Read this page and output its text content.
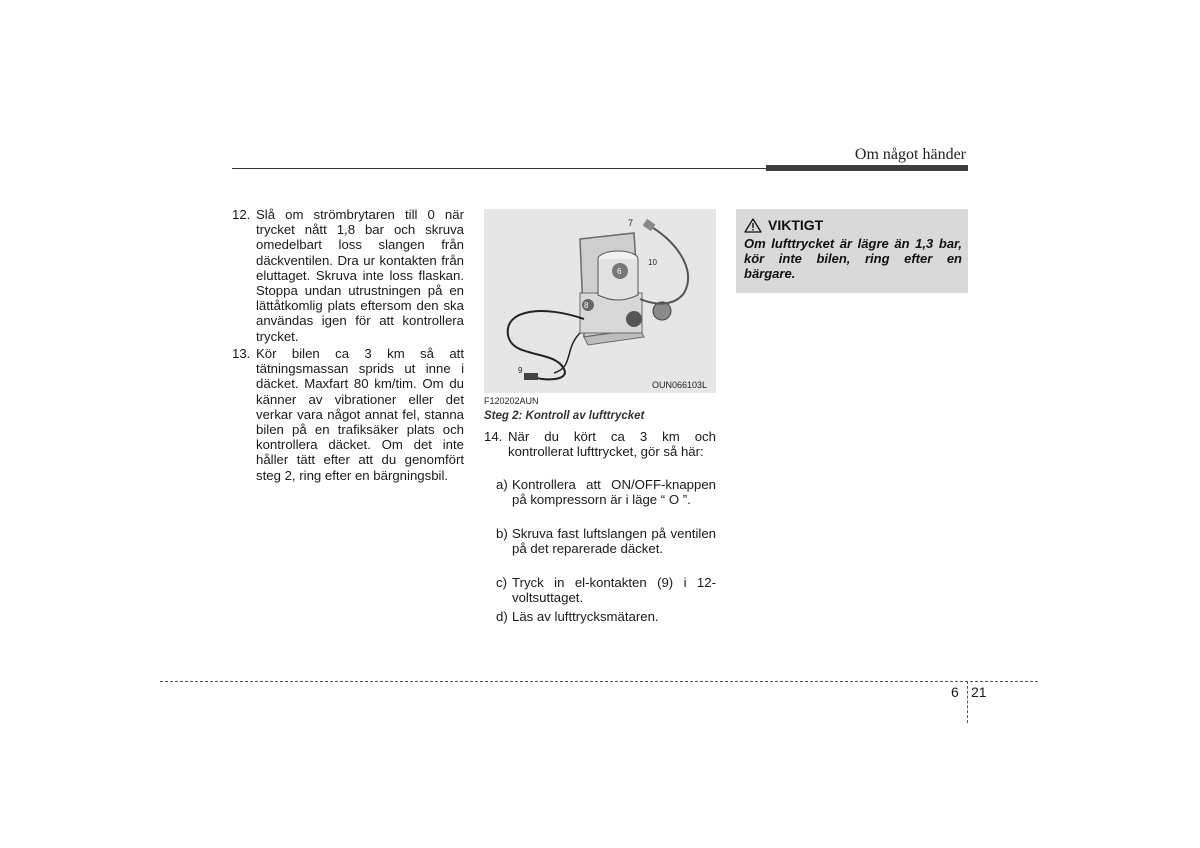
Om något händer
12. Slå om strömbrytaren till 0 när trycket nått 1,8 bar och skruva omedelbart loss slangen från däckventilen. Dra ur kontakten från eluttaget. Skruva inte loss flaskan. Stoppa undan utrustningen på en lättåtkomlig plats eftersom den ska användas igen för att kontrollera trycket.
13. Kör bilen ca 3 km så att tätningsmassan sprids ut inne i däcket. Maxfart 80 km/tim. Om du känner av vibrationer eller det verkar vara något annat fel, stanna bilen på en trafiksäker plats och kontrollera däcket. Om det inte håller tätt efter att du genomfört steg 2, ring efter en bärgningsbil.
7
10
6
8
9
OUN066103L
F120202AUN
Steg 2: Kontroll av lufttrycket
14. När du kört ca 3 km och kontrollerat lufttrycket, gör så här:
a) Kontrollera att ON/OFF-knappen på kompressorn är i läge “ O ”.
b) Skruva fast luftslangen på ventilen på det reparerade däcket.
c) Tryck in el-kontakten (9) i 12-voltsuttaget.
d) Läs av lufttrycksmätaren.
VIKTIGT
Om lufttrycket är lägre än 1,3 bar, kör inte bilen, ring efter en bärgare.
6 21
